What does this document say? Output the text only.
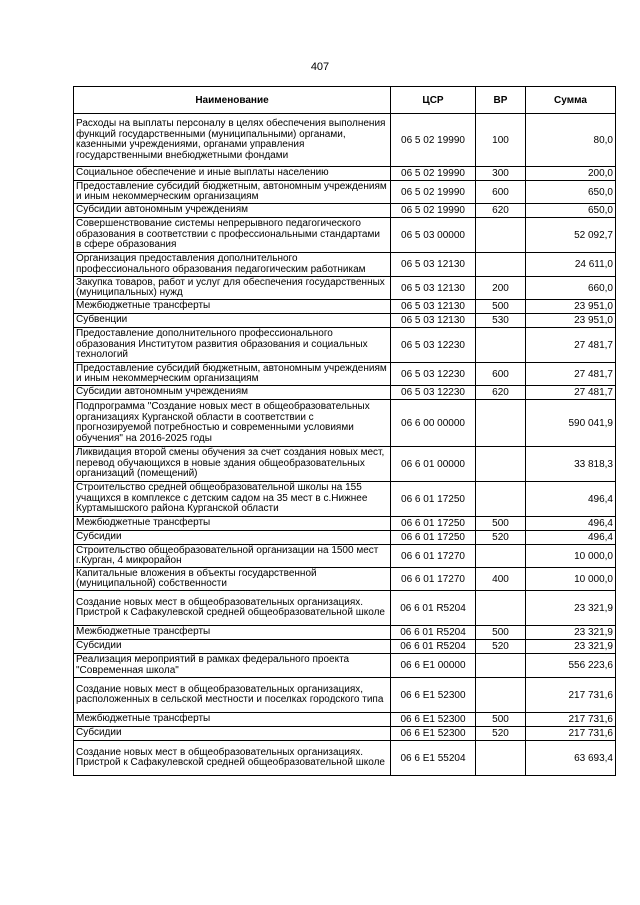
407
Наименование	ЦСР	ВР	Сумма
Расходы на выплаты персоналу в целях обеспечения выполнения функций государственными (муниципальными) органами, казенными учреждениями, органами управления государственными внебюджетными фондами	06 5 02 19990	100	80,0
Социальное обеспечение и иные выплаты населению	06 5 02 19990	300	200,0
Предоставление субсидий бюджетным, автономным учреждениям и иным некоммерческим организациям	06 5 02 19990	600	650,0
Субсидии автономным учреждениям	06 5 02 19990	620	650,0
Совершенствование системы непрерывного педагогического образования в соответствии с профессиональными стандартами в сфере образования	06 5 03 00000		52 092,7
Организация предоставления дополнительного профессионального образования педагогическим работникам	06 5 03 12130		24 611,0
Закупка товаров, работ и услуг для обеспечения государственных (муниципальных) нужд	06 5 03 12130	200	660,0
Межбюджетные трансферты	06 5 03 12130	500	23 951,0
Субвенции	06 5 03 12130	530	23 951,0
Предоставление дополнительного профессионального образования Институтом развития образования и социальных технологий	06 5 03 12230		27 481,7
Предоставление субсидий бюджетным, автономным учреждениям и иным некоммерческим организациям	06 5 03 12230	600	27 481,7
Субсидии автономным учреждениям	06 5 03 12230	620	27 481,7
Подпрограмма "Создание новых мест в общеобразовательных организациях Курганской области в соответствии с прогнозируемой потребностью и современными условиями обучения" на 2016-2025 годы	06 6 00 00000		590 041,9
Ликвидация второй смены обучения за счет создания новых мест, перевод обучающихся в новые здания общеобразовательных организаций (помещений)	06 6 01 00000		33 818,3
Строительство средней общеобразовательной школы на 155 учащихся в комплексе с детским садом на 35 мест в с.Нижнее Куртамышского района Курганской области	06 6 01 17250		496,4
Межбюджетные трансферты	06 6 01 17250	500	496,4
Субсидии	06 6 01 17250	520	496,4
Строительство общеобразовательной организации на 1500 мест г.Курган, 4 микрорайон	06 6 01 17270		10 000,0
Капитальные вложения в объекты государственной (муниципальной) собственности	06 6 01 17270	400	10 000,0
Создание новых мест в общеобразовательных организациях. Пристрой к Сафакулевской средней общеобразовательной школе	06 6 01 R5204		23 321,9
Межбюджетные трансферты	06 6 01 R5204	500	23 321,9
Субсидии	06 6 01 R5204	520	23 321,9
Реализация мероприятий в рамках федерального проекта "Современная школа"	06 6 E1 00000		556 223,6
Создание новых мест в общеобразовательных организациях, расположенных в сельской местности и поселках городского типа	06 6 E1 52300		217 731,6
Межбюджетные трансферты	06 6 E1 52300	500	217 731,6
Субсидии	06 6 E1 52300	520	217 731,6
Создание новых мест в общеобразовательных организациях. Пристрой к Сафакулевской средней общеобразовательной школе	06 6 E1 55204		63 693,4
